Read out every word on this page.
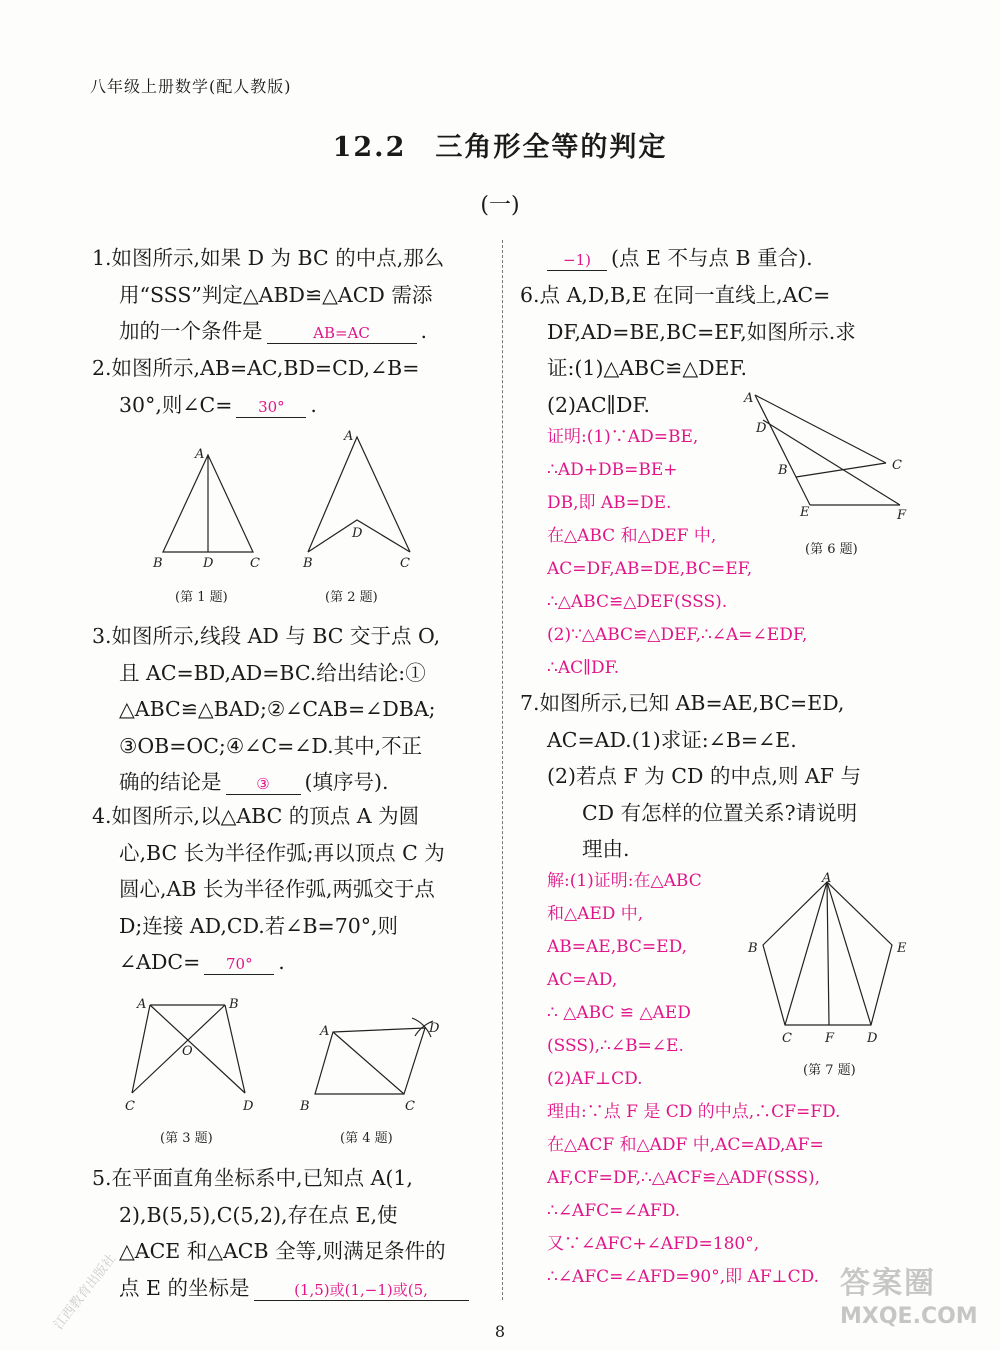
八年级上册数学(配人教版)
12.2　三角形全等的判定
(一)

1.如图所示,如果 D 为 BC 的中点,那么

用“SSS”判定△ABD≌△ACD 需添

加的一个条件是	AB=AC .

2.如图所示,AB=AC,BD=CD,∠B=

30°,则∠C= 30° .

A
B	D	C
A
B
D
C
(第 1 题)	(第 2 题)

3.如图所示,线段 AD 与 BC 交于点 O,

且 AC=BD,AD=BC.给出结论:①

△ABC≌△BAD;②∠CAB=∠DBA;

③OB=OC;④∠C=∠D.其中,不正

确的结论是 ③ (填序号).

4.如图所示,以△ABC 的顶点 A 为圆

心,BC 长为半径作弧;再以顶点 C 为

圆心,AB 长为半径作弧,两弧交于点

D;连接 AD,CD.若∠B=70°,则

∠ADC= 70° .

A	B
O
C	D
A	D
B	C
(第 3 题)	(第 4 题)

5.在平面直角坐标系中,已知点 A(1,

2),B(5,5),C(5,2),存在点 E,使

△ACE 和△ACB 全等,则满足条件的

点 E 的坐标是	(1,5)或(1,−1)或(5,

−1) (点 E 不与点 B 重合).

6.点 A,D,B,E 在同一直线上,AC=

DF,AD=BE,BC=EF,如图所示.求

证:(1)△ABC≌△DEF.

(2)AC∥DF.

证明:(1)∵AD=BE,

∴AD+DB=BE+

DB,即 AB=DE.

在△ABC 和△DEF 中,

AC=DF,AB=DE,BC=EF,

∴△ABC≌△DEF(SSS).

(2)∵△ABC≌△DEF,∴∠A=∠EDF,

∴AC∥DF.

A
D
B	C
E	F
(第 6 题)

7.如图所示,已知 AB=AE,BC=ED,

AC=AD.(1)求证:∠B=∠E.

(2)若点 F 为 CD 的中点,则 AF 与

CD 有怎样的位置关系?请说明

理由.

解:(1)证明:在△ABC

和△AED 中,

AB=AE,BC=ED,

AC=AD,

∴ △ABC ≌ △AED

(SSS),∴∠B=∠E.

(2)AF⊥CD.

理由:∵点 F 是 CD 的中点,∴CF=FD.

在△ACF 和△ADF 中,AC=AD,AF=

AF,CF=DF,∴△ACF≌△ADF(SSS),

∴∠AFC=∠AFD.

又∵∠AFC+∠AFD=180°,

∴∠AFC=∠AFD=90°,即 AF⊥CD.

A
B	E
C	F	D
(第 7 题)
8
江西教育出版社	答案圈
MXQE.COM
